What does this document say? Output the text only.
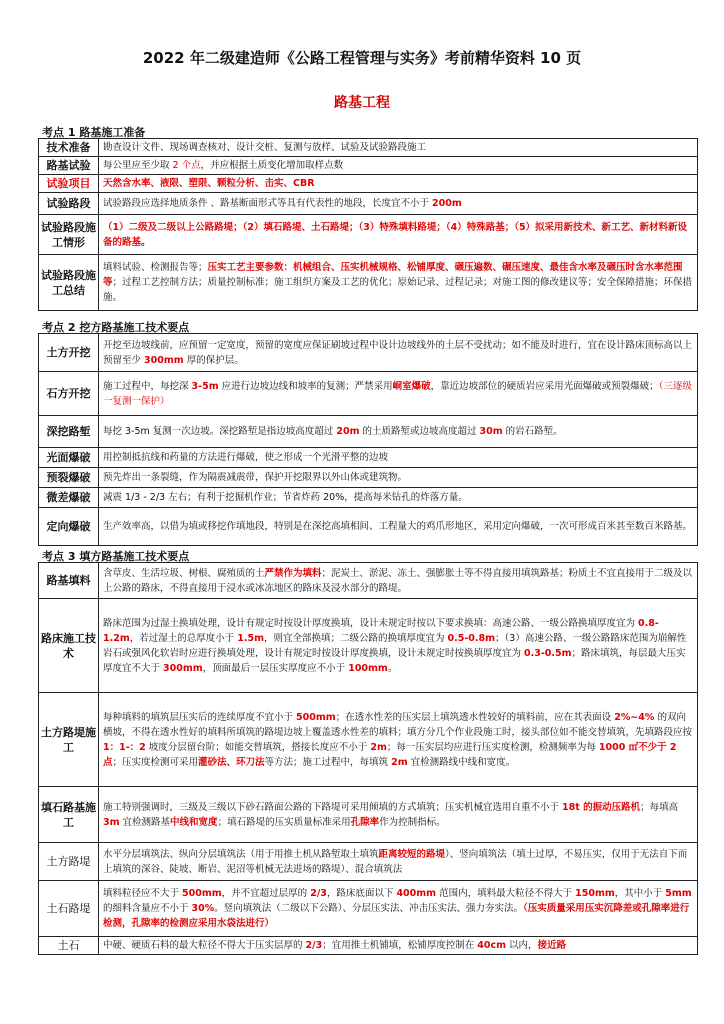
2022 年二级建造师《公路工程管理与实务》考前精华资料 10 页
路基工程
考点 1 路基施工准备
技术准备	勘查设计文件、现场调查核对、设计交桩、复测与放样、试验及试验路段施工
路基试验	每公里应至少取 2 个点，并应根据土质变化增加取样点数
试验项目	天然含水率、液限、塑限、颗粒分析、击实、CBR
试验路段	试验路段应选择地质条件 、路基断面形式等具有代表性的地段，长度宜不小于 200m
试验路段施工情形	（1）二级及二级以上公路路堤；（2）填石路堤、土石路堤；（3）特殊填料路堤；（4）特殊路基；（5）拟采用新技术、新工艺、新材料新设备的路基。
试验路段施工总结	填料试验、检测报告等；压实工艺主要参数：机械组合、压实机械规格、松铺厚度、碾压遍数、碾压速度、最佳含水率及碾压时含水率范围等；过程工艺控制方法；质量控制标准；施工组织方案及工艺的优化；原始记录、过程记录；对施工图的修改建议等；安全保障措施；环保措施。
考点 2 挖方路基施工技术要点
土方开挖	开挖至边坡线前，应预留一定宽度，预留的宽度应保证刷坡过程中设计边坡线外的土层不受扰动；如不能及时进行，宜在设计路床顶标高以上预留至少 300mm 厚的保护层。
石方开挖	施工过程中，每挖深 3-5m 应进行边坡边线和坡率的复测；严禁采用峒室爆破，靠近边坡部位的硬质岩应采用光面爆破或预裂爆破；（三逐级一复测一保护）
深挖路堑	每挖 3-5m 复测一次边坡。深挖路堑是指边坡高度超过 20m 的土质路堑或边坡高度超过 30m 的岩石路堑。
光面爆破	用控制抵抗线和药量的方法进行爆破，使之形成一个光滑平整的边坡
预裂爆破	预先炸出一条裂缝，作为隔震减震带，保护开挖限界以外山体或建筑物。
微差爆破	减震 1/3 - 2/3 左右；有利于挖掘机作业；节省炸药 20%，提高每米钻孔的炸落方量。
定向爆破	生产效率高，以借为填或移挖作填地段，特别是在深挖高填相间、工程量大的鸡爪形地区，采用定向爆破，一次可形成百米甚至数百米路基。
考点 3 填方路基施工技术要点
路基填料	含草皮、生活垃圾、树根、腐殖质的土严禁作为填料；泥炭土、淤泥、冻土、强膨胀土等不得直接用填筑路基；粉质土不宜直接用于二级及以上公路的路床，不得直接用于浸水或冰冻地区的路床及浸水部分的路堤。
路床施工技术	路床范围为过湿土换填处理，设计有规定时按设计厚度换填，设计未规定时按以下要求换填：高速公路、一级公路换填厚度宜为 0.8-1.2m，若过湿土的总厚度小于 1.5m，则宜全部换填；二级公路的换填厚度宜为 0.5-0.8m；（3）高速公路、一级公路路床范围为崩解性岩石或强风化软岩时应进行换填处理，设计有规定时按设计厚度换填，设计未规定时按换填厚度宜为 0.3-0.5m；路床填筑，每层最大压实厚度宜不大于 300mm，顶面最后一层压实厚度应不小于 100mm。
土方路堤施工	每种填料的填筑层压实后的连续厚度不宜小于 500mm；在透水性差的压实层上填筑透水性较好的填料前，应在其表面设 2%~4% 的双向横坡，不得在透水性好的填料所填筑的路堤边坡上覆盖透水性差的填料；填方分几个作业段施工时，接头部位如不能交替填筑，先填路段应按 1：1-：2 坡度分层留台阶；如能交替填筑，搭接长度应不小于 2m；每一压实层均应进行压实度检测，检测频率为每 1000 ㎡不少于 2 点；压实度检测可采用灌砂法、环刀法等方法；施工过程中，每填筑 2m 宜检测路线中线和宽度。
填石路基施工	施工特别强调时，三级及三级以下砂石路面公路的下路堤可采用倾填的方式填筑；压实机械宜选用自重不小于 18t 的振动压路机；每填高 3m 宜检测路基中线和宽度；填石路堤的压实质量标准采用孔隙率作为控制指标。
土方路堤	水平分层填筑法、纵向分层填筑法（用于用推土机从路堑取土填筑距离较短的路堤）、竖向填筑法（填土过厚，不易压实，仅用于无法自下而上填筑的深谷、陡坡、断岩、泥沼等机械无法进场的路堤）、混合填筑法
土石路堤	填料粒径应不大于 500mm，并不宜超过层厚的 2/3，路床底面以下 400mm 范围内，填料最大粒径不得大于 150mm，其中小于 5mm 的细料含量应不小于 30%。竖向填筑法（二级以下公路）、分层压实法、冲击压实法、强力夯实法。（压实质量采用压实沉降差或孔隙率进行检测，孔隙率的检测应采用水袋法进行）
土石	中硬、硬质石料的最大粒径不得大于压实层厚的 2/3；宜用推土机铺填，松铺厚度控制在 40cm 以内，接近路
